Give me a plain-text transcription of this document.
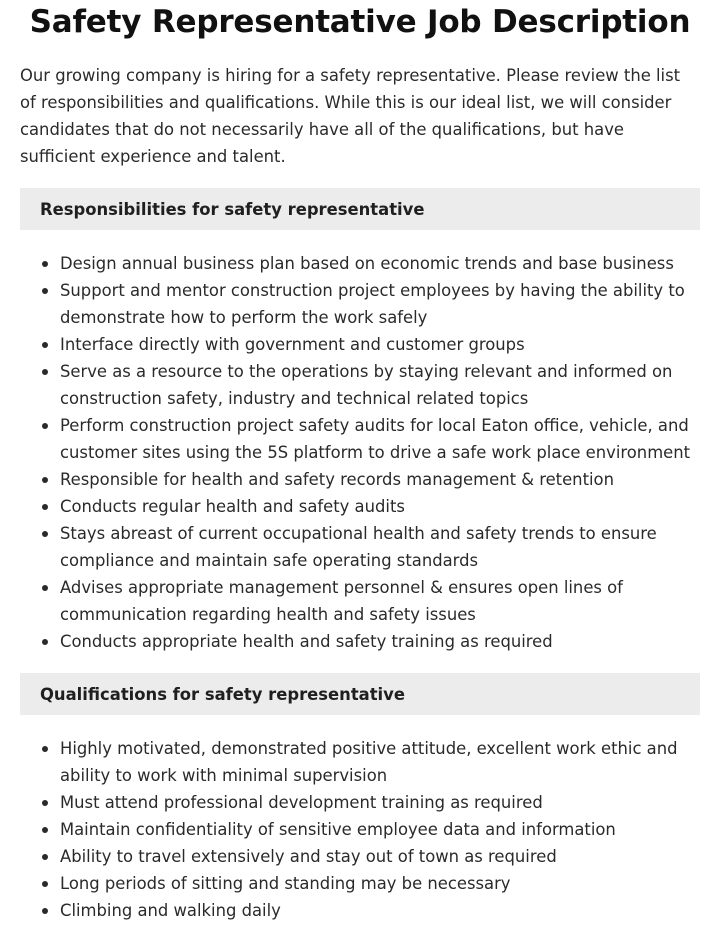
Safety Representative Job Description

Our growing company is hiring for a safety representative. Please review the list of responsibilities and qualifications. While this is our ideal list, we will consider candidates that do not necessarily have all of the qualifications, but have sufficient experience and talent.

Responsibilities for safety representative
Design annual business plan based on economic trends and base business
Support and mentor construction project employees by having the ability to demonstrate how to perform the work safely
Interface directly with government and customer groups
Serve as a resource to the operations by staying relevant and informed on construction safety, industry and technical related topics
Perform construction project safety audits for local Eaton office, vehicle, and customer sites using the 5S platform to drive a safe work place environment
Responsible for health and safety records management & retention
Conducts regular health and safety audits
Stays abreast of current occupational health and safety trends to ensure compliance and maintain safe operating standards
Advises appropriate management personnel & ensures open lines of communication regarding health and safety issues
Conducts appropriate health and safety training as required
Qualifications for safety representative
Highly motivated, demonstrated positive attitude, excellent work ethic and ability to work with minimal supervision
Must attend professional development training as required
Maintain confidentiality of sensitive employee data and information
Ability to travel extensively and stay out of town as required
Long periods of sitting and standing may be necessary
Climbing and walking daily
